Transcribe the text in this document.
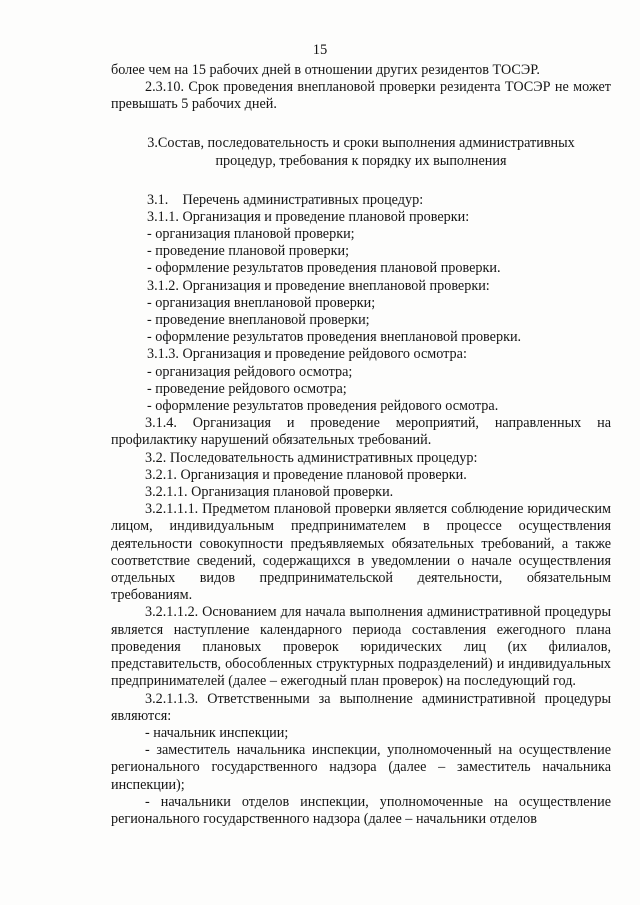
15

более чем на 15 рабочих дней в отношении других резидентов ТОСЭР.

2.3.10. Срок проведения внеплановой проверки резидента ТОСЭР не может превышать 5 рабочих дней.

3.Состав, последовательность и сроки выполнения административных
процедур, требования к порядку их выполнения

3.1.    Перечень административных процедур:

3.1.1. Организация и проведение плановой проверки:

- организация плановой проверки;

- проведение плановой проверки;

- оформление результатов проведения плановой проверки.

3.1.2. Организация и проведение внеплановой проверки:

- организация внеплановой проверки;

- проведение внеплановой проверки;

- оформление результатов проведения внеплановой проверки.

3.1.3. Организация и проведение рейдового осмотра:

- организация рейдового осмотра;

- проведение рейдового осмотра;

- оформление результатов проведения рейдового осмотра.

3.1.4. Организация и проведение мероприятий, направленных на профилактику нарушений обязательных требований.

3.2. Последовательность административных процедур:

3.2.1. Организация и проведение плановой проверки.

3.2.1.1. Организация плановой проверки.

3.2.1.1.1. Предметом плановой проверки является соблюдение юридическим лицом, индивидуальным предпринимателем в процессе осуществления деятельности совокупности предъявляемых обязательных требований, а также соответствие сведений, содержащихся в уведомлении о начале осуществления отдельных видов предпринимательской деятельности, обязательным требованиям.

3.2.1.1.2. Основанием для начала выполнения административной процедуры является наступление календарного периода составления ежегодного плана проведения плановых проверок юридических лиц (их филиалов, представительств, обособленных структурных подразделений) и индивидуальных предпринимателей (далее – ежегодный план проверок) на последующий год.

3.2.1.1.3. Ответственными за выполнение административной процедуры являются:

- начальник инспекции;

- заместитель начальника инспекции, уполномоченный на осуществление регионального государственного надзора (далее – заместитель начальника инспекции);

- начальники отделов инспекции, уполномоченные на осуществление регионального государственного надзора (далее – начальники отделов
